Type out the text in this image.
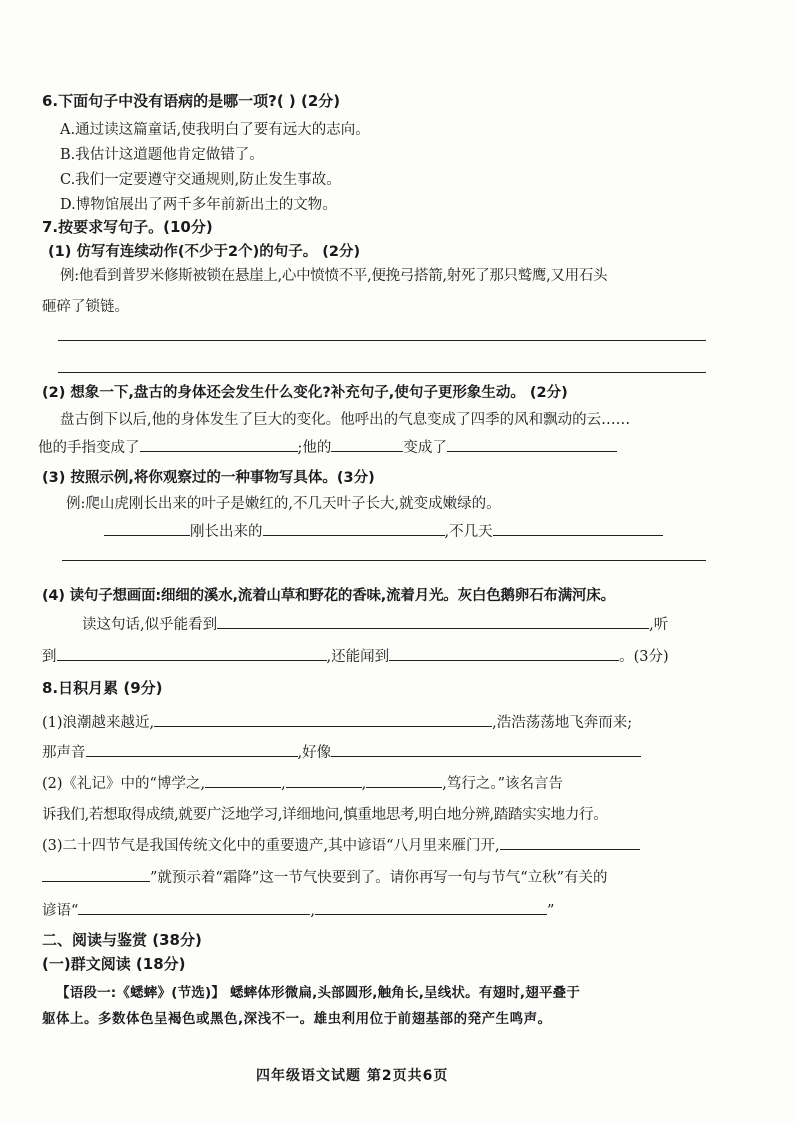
6.下面句子中没有语病的是哪一项?( ) (2分)
A.通过读这篇童话,使我明白了要有远大的志向。
B.我估计这道题他肯定做错了。
C.我们一定要遵守交通规则,防止发生事故。
D.博物馆展出了两千多年前新出土的文物。
7.按要求写句子。(10分)
(1) 仿写有连续动作(不少于2个)的句子。 (2分)
例:他看到普罗米修斯被锁在悬崖上,心中愤愤不平,便挽弓搭箭,射死了那只鹫鹰,又用石头
砸碎了锁链。
(2) 想象一下,盘古的身体还会发生什么变化?补充句子,使句子更形象生动。 (2分)
盘古倒下以后,他的身体发生了巨大的变化。他呼出的气息变成了四季的风和飘动的云……
他的手指变成了	;他的	变成了
(3) 按照示例,将你观察过的一种事物写具体。(3分)
例:爬山虎刚长出来的叶子是嫩红的,不几天叶子长大,就变成嫩绿的。
刚长出来的	,不几天
(4) 读句子想画面:细细的溪水,流着山草和野花的香味,流着月光。灰白色鹅卵石布满河床。
读这句话,似乎能看到	,听
到	,还能闻到	。(3分)
8.日积月累 (9分)
(1)浪潮越来越近,	,浩浩荡荡地飞奔而来;
那声音	,好像
(2)《礼记》中的“博学之,	,	,	,笃行之。”该名言告
诉我们,若想取得成绩,就要广泛地学习,详细地问,慎重地思考,明白地分辨,踏踏实实地力行。
(3)二十四节气是我国传统文化中的重要遗产,其中谚语“八月里来雁门开,
”就预示着“霜降”这一节气快要到了。请你再写一句与节气“立秋”有关的
谚语“	,	”
二、阅读与鉴赏 (38分)
(一)群文阅读 (18分)
【语段一:《蟋蟀》(节选)】 蟋蟀体形微扁,头部圆形,触角长,呈线状。有翅时,翅平叠于
躯体上。多数体色呈褐色或黑色,深浅不一。雄虫利用位于前翅基部的発产生鸣声。
四年级语文试题 第2页共6页
